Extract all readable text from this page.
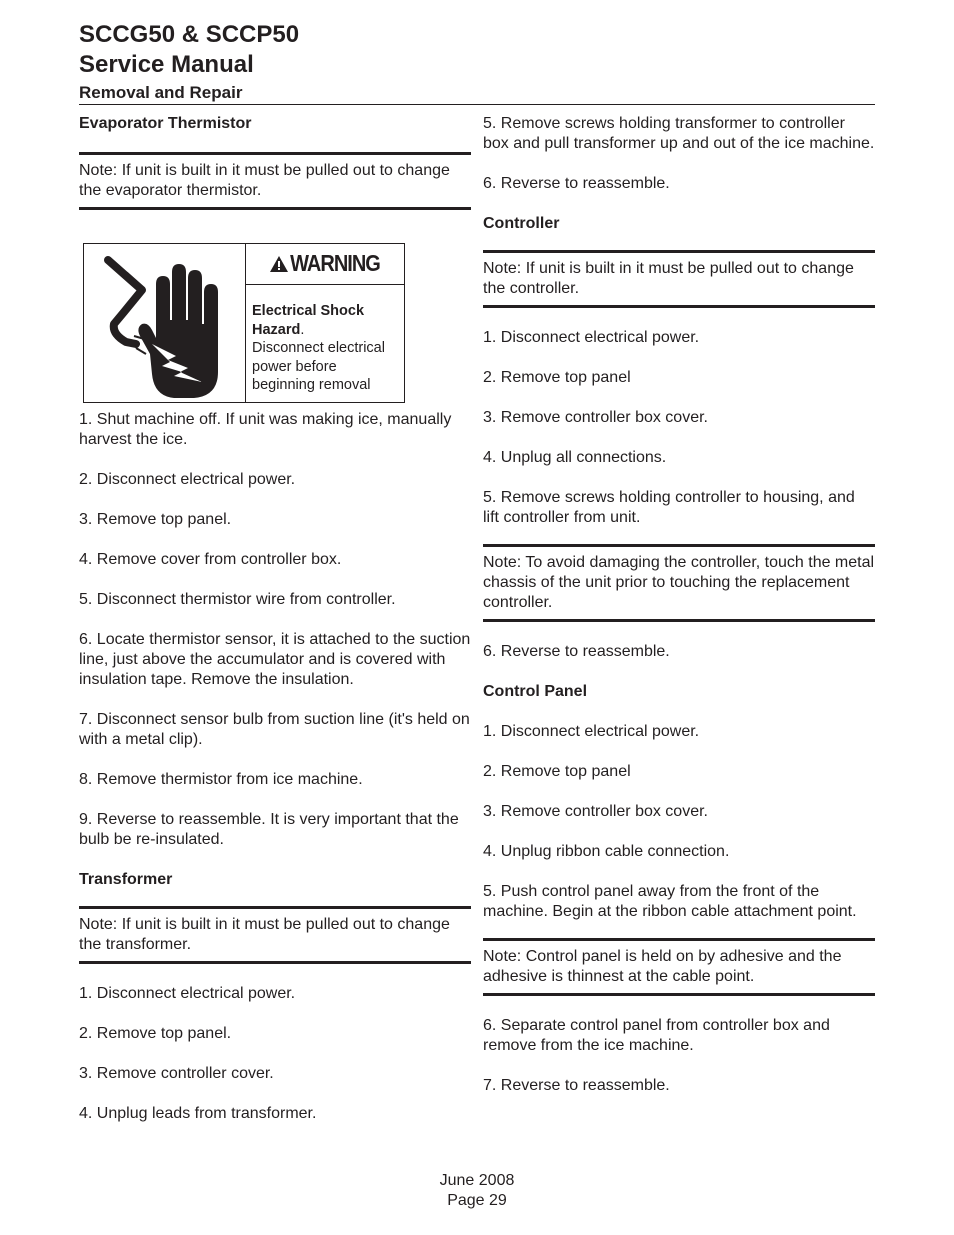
SCCG50 & SCCP50
Service Manual
Removal and Repair
Evaporator Thermistor
Note: If unit is built in it must be pulled out to change the evaporator thermistor.
WARNING
Electrical Shock Hazard.
Disconnect electrical power before beginning removal
1. Shut machine off. If unit was making ice, manually harvest the ice.
2. Disconnect electrical power.
3. Remove top panel.
4. Remove cover from controller box.
5. Disconnect thermistor wire from controller.
6. Locate thermistor sensor, it is attached to the suction line, just above the accumulator and is covered with insulation tape. Remove the insulation.
7. Disconnect sensor bulb from suction line (it's held on with a metal clip).
8. Remove thermistor from ice machine.
9. Reverse to reassemble. It is very important that the bulb be re-insulated.
Transformer
Note: If unit is built in it must be pulled out to change the transformer.
1. Disconnect electrical power.
2. Remove top panel.
3. Remove controller cover.
4. Unplug leads from transformer.
5. Remove screws holding transformer to controller box and pull transformer up and out of the ice machine.
6. Reverse to reassemble.
Controller
Note: If unit is built in it must be pulled out to change the controller.
1. Disconnect electrical power.
2. Remove top panel
3. Remove controller box cover.
4. Unplug all connections.
5. Remove screws holding controller to housing, and lift controller from unit.
Note: To avoid damaging the controller, touch the metal chassis of the unit prior to touching the replacement controller.
6. Reverse to reassemble.
Control Panel
1. Disconnect electrical power.
2. Remove top panel
3. Remove controller box cover.
4. Unplug ribbon cable connection.
5. Push control panel away from the front of the machine. Begin at the ribbon cable attachment point.
Note: Control panel is held on by adhesive and the adhesive is thinnest at the cable point.
6. Separate control panel from controller box and remove from the ice machine.
7. Reverse to reassemble.
June 2008
Page 29
